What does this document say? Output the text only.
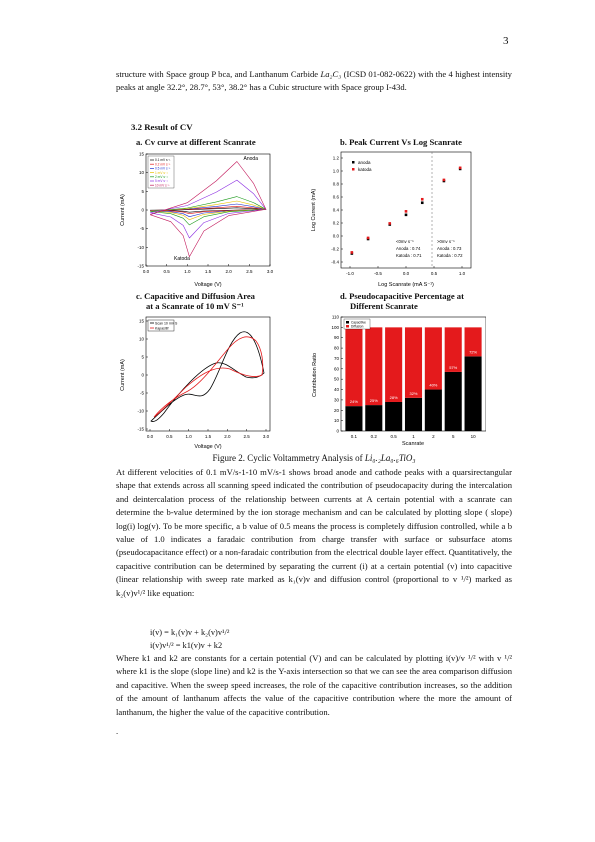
3
structure with Space group P bca, and Lanthanum Carbide La₂C₃ (ICSD 01-082-0622) with the 4 highest intensity peaks at angle 32.2°, 28.7°, 53°, 38.2° has a Cubic structure with Space group I-43d.
3.2 Result of CV
a. Cv curve at different Scanrate	b. Peak Current Vs Log Scanrate
15
10
5
0
-5
-10
-15
0.0	0.5	1.0	1.5	2.0	2.5	3.0
Anoda
Katoda
0.1 mV s⁻¹
0.2 mV s⁻¹
0.5 mV s⁻¹
1 mV s⁻¹
2 mV s⁻¹
5 mV s⁻¹
10 mV s⁻¹
Voltage (V)
Current (mA)
1.2
1.0
0.8
0.6
0.4
0.2
0.0
-0.2
-0.4
-1.0	-0.5	0.0	0.5	1.0
anoda
katoda
<0mv s⁻¹
Anoda : 0.74
Katoda : 0.71
>0mv s⁻¹
Anoda : 0.73
Katoda : 0.72
Log Scanrate (mA S⁻¹)
Log Current (mA)
c. Capacitive and Diffusion Area
at a Scanrate of 10 mV S⁻¹
d. Pseudocapacitive Percentage at
Different Scanrate
15
10
5
0
-5
-10
-15
0.0	0.5	1.0	1.5	2.0	2.5	3.0
Scan 10 mV S
Kapasitif
Voltage (V)
Current (mA)
110
100
90
80
70
60
50
40
30
20
10
0
24%
0.1
25%
0.2
28%
0.5
32%
1
40%
2
57%
5
72%
10
Capacitive
Diffusion
Scanrate
Contribution Ratio
Figure 2. Cyclic Voltammetry Analysis of Li₀.₂La₀.₆TiO₃
At different velocities of 0.1 mV/s-1-10 mV/s-1 shows broad anode and cathode peaks with a quarsirectangular shape that extends across all scanning speed indicated the contribution of pseudocapacity during the intercalation and deintercalation process of the relationship between currents at A certain potential with a scanrate can determine the b-value determined by the ion storage mechanism and can be calculated by plotting slope ( slope) log(i) log(v). To be more specific, a b value of 0.5 means the process is completely diffusion controlled, while a b value of 1.0 indicates a faradaic contribution from charge transfer with surface or subsurface atoms (pseudocapacitance effect) or a non-faradaic contribution from the electrical double layer effect. Quantitatively, the capacitive contribution can be determined by separating the current (i) at a certain potential (v) into capacitive (linear relationship with sweep rate marked as k₁(v)v and diffusion control (proportional to v ¹/²) marked as k₂(v)v¹/² like equation:
i(v) = k₁(v)v + k₂(v)v¹/²
i(v)v¹/² = k1(v)v + k2
Where k1 and k2 are constants for a certain potential (V) and can be calculated by plotting i(v)/v ¹/² with v ¹/² where k1 is the slope (slope line) and k2 is the Y-axis intersection so that we can see the area comparison diffusion and capacitive. When the sweep speed increases, the role of the capacitive contribution increases, so the addition of the amount of lanthanum affects the value of the capacitive contribution where the more the amount of lanthanum, the higher the value of the capacitive contribution.
.
